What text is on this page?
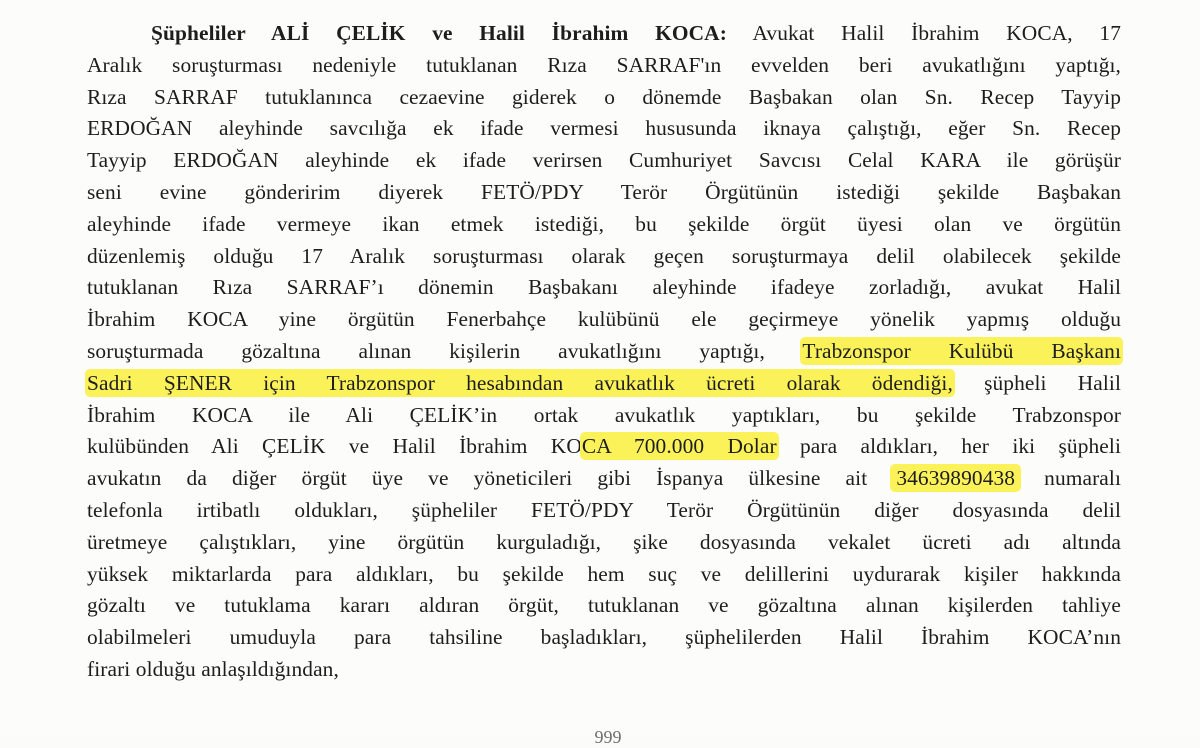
Şüpheliler ALİ ÇELİK ve Halil İbrahim KOCA: Avukat Halil İbrahim KOCA, 17
Aralık soruşturması nedeniyle tutuklanan Rıza SARRAF'ın evvelden beri avukatlığını yaptığı,
Rıza SARRAF tutuklanınca cezaevine giderek o dönemde Başbakan olan Sn. Recep Tayyip
ERDOĞAN aleyhinde savcılığa ek ifade vermesi hususunda iknaya çalıştığı, eğer Sn. Recep
Tayyip ERDOĞAN aleyhinde ek ifade verirsen Cumhuriyet Savcısı Celal KARA ile görüşür
seni evine gönderirim diyerek FETÖ/PDY Terör Örgütünün istediği şekilde Başbakan
aleyhinde ifade vermeye ikan etmek istediği, bu şekilde örgüt üyesi olan ve örgütün
düzenlemiş olduğu 17 Aralık soruşturması olarak geçen soruşturmaya delil olabilecek şekilde
tutuklanan Rıza SARRAF’ı dönemin Başbakanı aleyhinde ifadeye zorladığı, avukat Halil
İbrahim KOCA yine örgütün Fenerbahçe kulübünü ele geçirmeye yönelik yapmış olduğu
soruşturmada gözaltına alınan kişilerin avukatlığını yaptığı, Trabzonspor Kulübü Başkanı
Sadri ŞENER için Trabzonspor hesabından avukatlık ücreti olarak ödendiği, şüpheli Halil
İbrahim KOCA ile Ali ÇELİK’in ortak avukatlık yaptıkları, bu şekilde Trabzonspor
kulübünden Ali ÇELİK ve Halil İbrahim KOCA 700.000 Dolar para aldıkları, her iki şüpheli
avukatın da diğer örgüt üye ve yöneticileri gibi İspanya ülkesine ait 34639890438 numaralı
telefonla irtibatlı oldukları, şüpheliler FETÖ/PDY Terör Örgütünün diğer dosyasında delil
üretmeye çalıştıkları, yine örgütün kurguladığı, şike dosyasında vekalet ücreti adı altında
yüksek miktarlarda para aldıkları, bu şekilde hem suç ve delillerini uydurarak kişiler hakkında
gözaltı ve tutuklama kararı aldıran örgüt, tutuklanan ve gözaltına alınan kişilerden tahliye
olabilmeleri umuduyla para tahsiline başladıkları, şüphelilerden Halil İbrahim KOCA’nın
firari olduğu anlaşıldığından,
999
